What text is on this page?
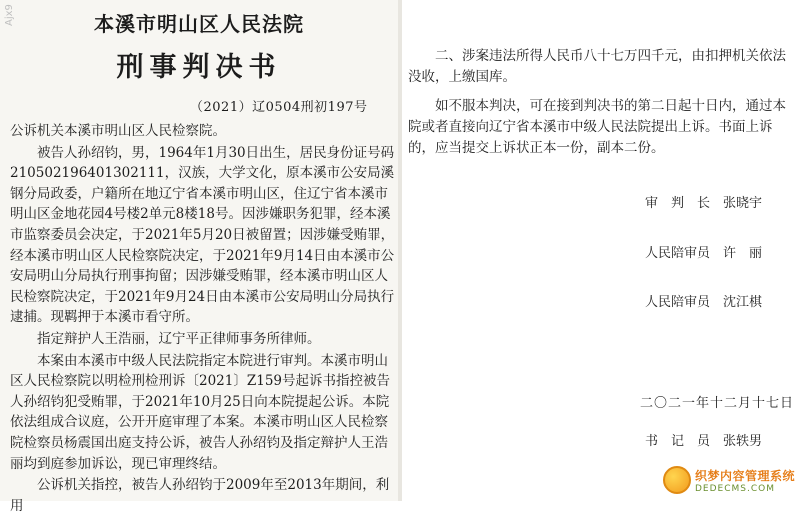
Ajx9	本溪市明山区人民法院
刑事判决书
（2021）辽0504刑初197号

公诉机关本溪市明山区人民检察院。

被告人孙绍钧，男，1964年1月30日出生，居民身份证号码210502196401302111，汉族，大学文化，原本溪市公安局溪钢分局政委，户籍所在地辽宁省本溪市明山区，住辽宁省本溪市明山区金地花园4号楼2单元8楼18号。因涉嫌职务犯罪，经本溪市监察委员会决定，于2021年5月20日被留置；因涉嫌受贿罪，经本溪市明山区人民检察院决定，于2021年9月14日由本溪市公安局明山分局执行刑事拘留；因涉嫌受贿罪，经本溪市明山区人民检察院决定，于2021年9月24日由本溪市公安局明山分局执行逮捕。现羁押于本溪市看守所。

指定辩护人王浩丽，辽宁平正律师事务所律师。

本案由本溪市中级人民法院指定本院进行审判。本溪市明山区人民检察院以明检刑检刑诉〔2021〕Z159号起诉书指控被告人孙绍钧犯受贿罪，于2021年10月25日向本院提起公诉。本院依法组成合议庭，公开开庭审理了本案。本溪市明山区人民检察院检察员杨震国出庭支持公诉，被告人孙绍钧及指定辩护人王浩丽均到庭参加诉讼，现已审理终结。

公诉机关指控，被告人孙绍钧于2009年至2013年期间，利用

二、涉案违法所得人民币八十七万四千元，由扣押机关依法没收，上缴国库。

如不服本判决，可在接到判决书的第二日起十日内，通过本院或者直接向辽宁省本溪市中级人民法院提出上诉。书面上诉的，应当提交上诉状正本一份，副本二份。

审　判　长　 张晓宇
人民陪审员　 许　丽
人民陪审员　 沈江棋
二〇二一年十二月十七日
书　记　员　 张轶男
织梦内容管理系统
DEDECMS.COM
